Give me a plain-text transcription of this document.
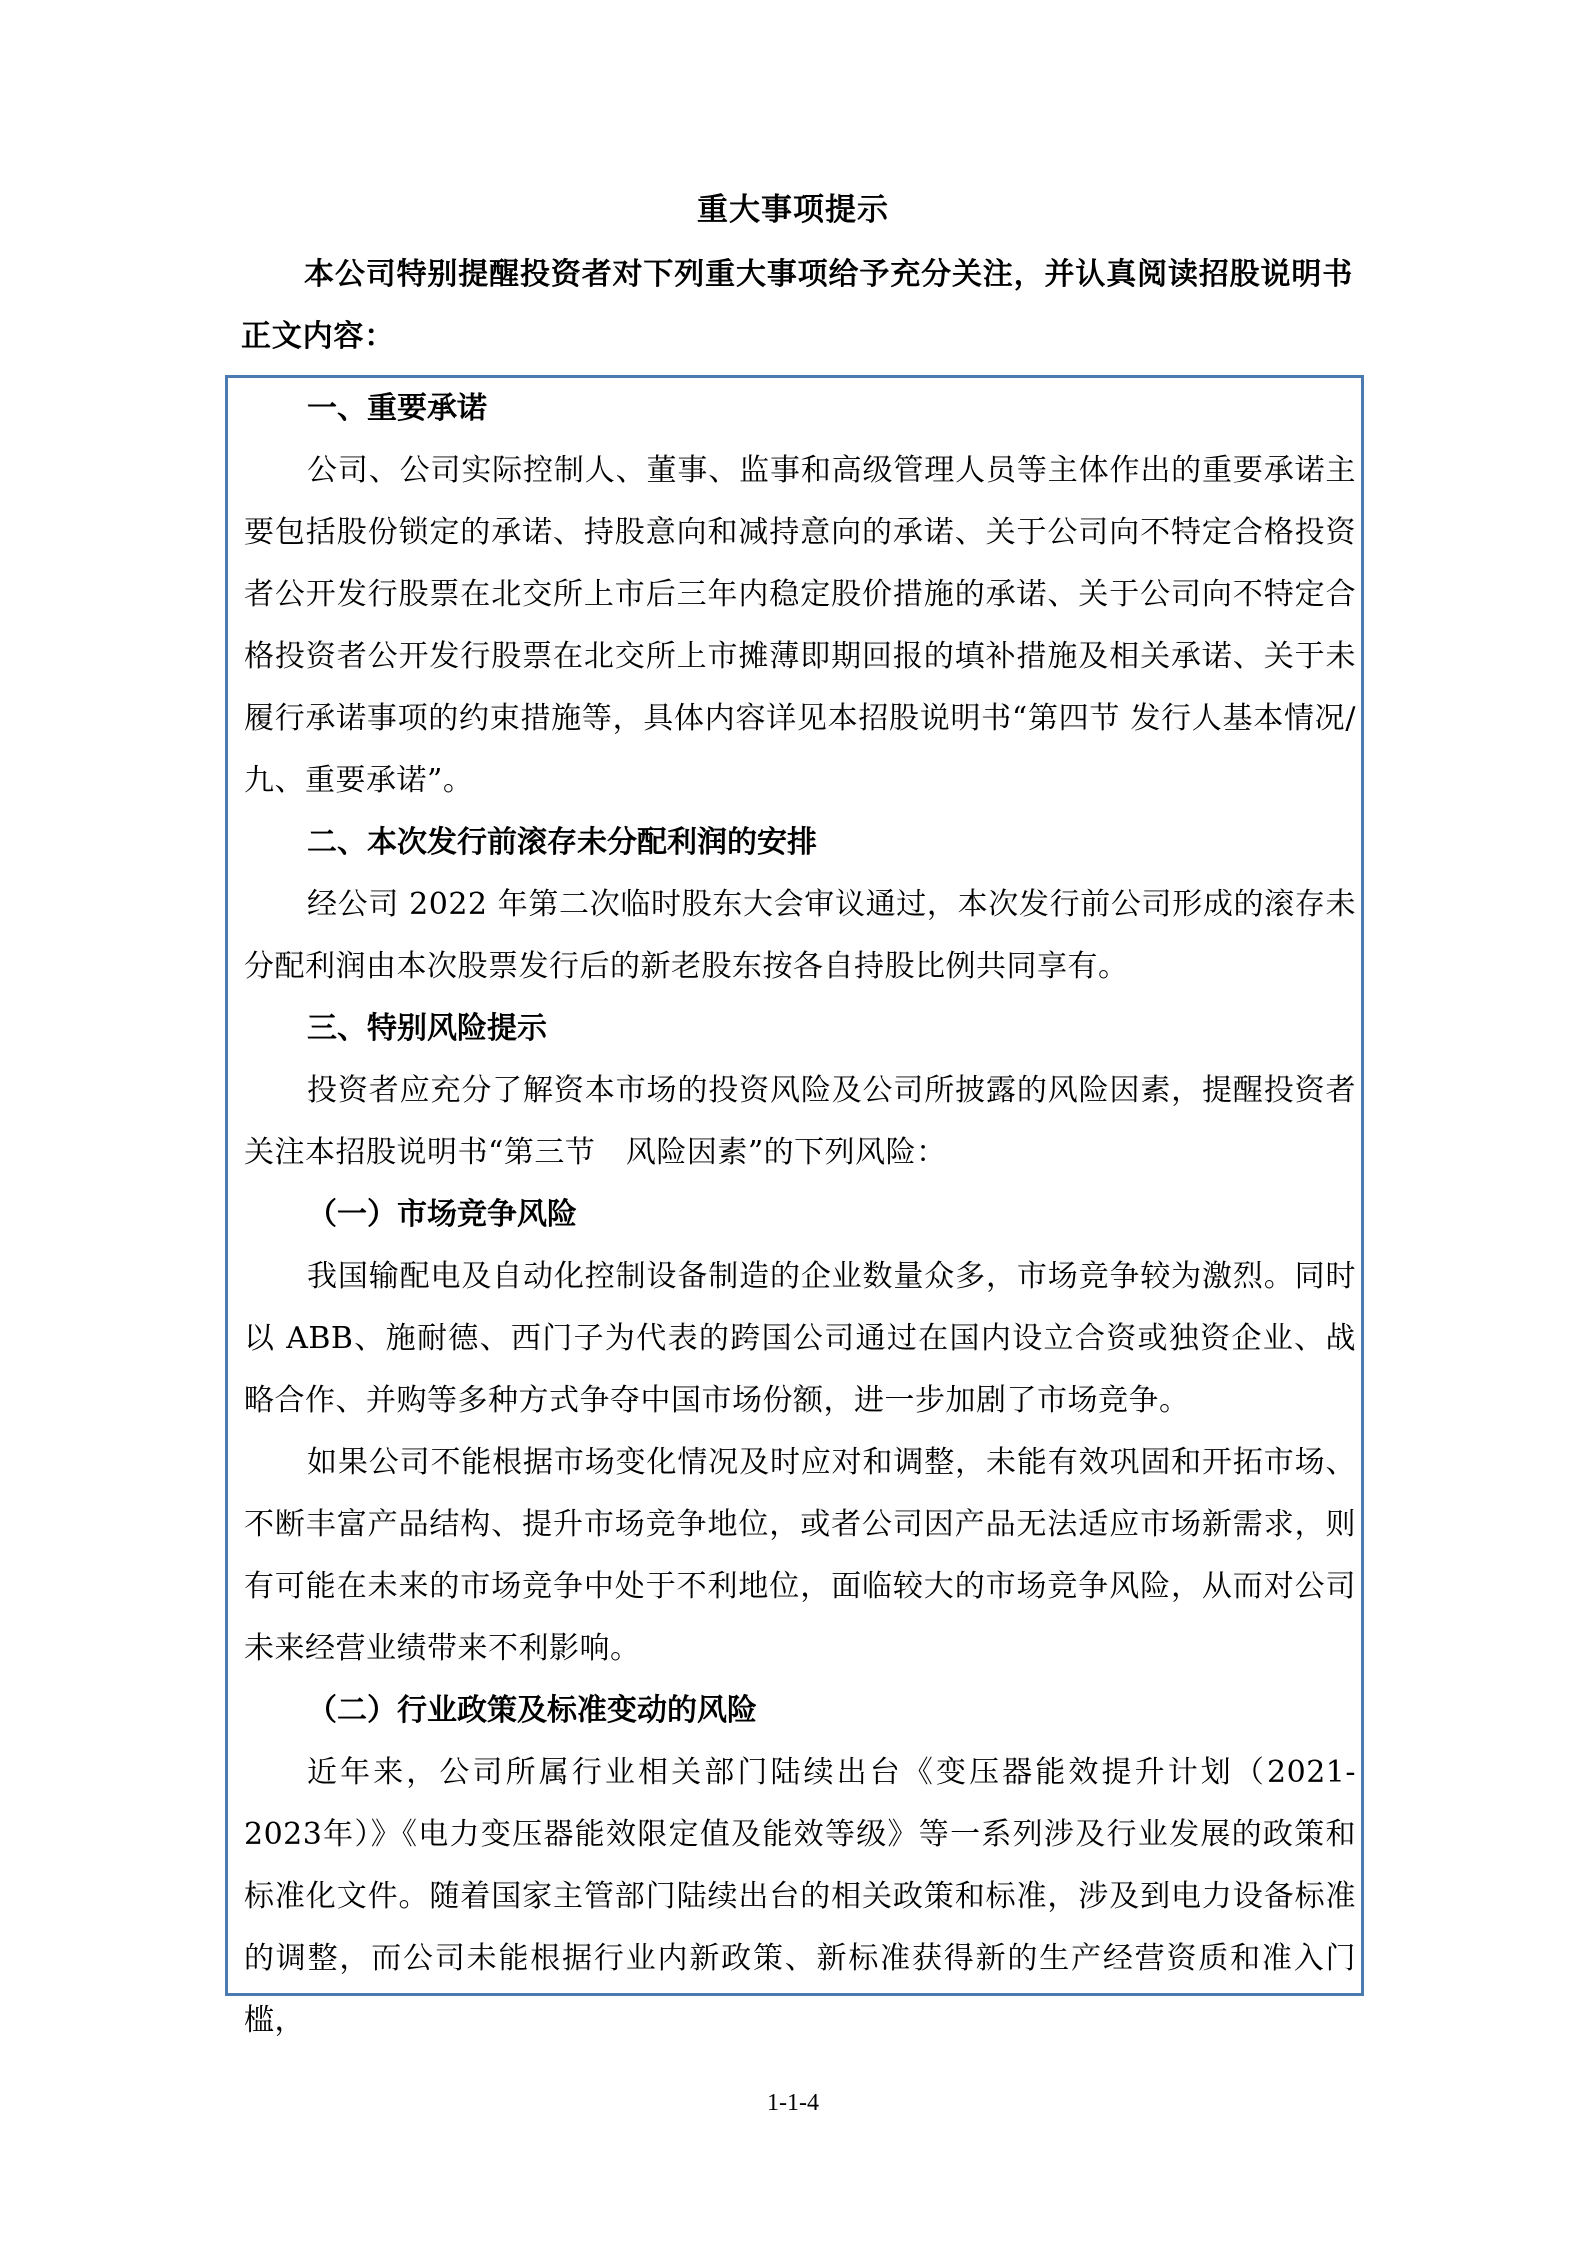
重大事项提示
本公司特别提醒投资者对下列重大事项给予充分关注，并认真阅读招股说明书正文内容：

一、重要承诺

公司、公司实际控制人、董事、监事和高级管理人员等主体作出的重要承诺主要包括股份锁定的承诺、持股意向和减持意向的承诺、关于公司向不特定合格投资者公开发行股票在北交所上市后三年内稳定股价措施的承诺、关于公司向不特定合格投资者公开发行股票在北交所上市摊薄即期回报的填补措施及相关承诺、关于未履行承诺事项的约束措施等，具体内容详见本招股说明书“第四节 发行人基本情况/九、重要承诺”。

二、本次发行前滚存未分配利润的安排

经公司 2022 年第二次临时股东大会审议通过，本次发行前公司形成的滚存未分配利润由本次股票发行后的新老股东按各自持股比例共同享有。

三、特别风险提示

投资者应充分了解资本市场的投资风险及公司所披露的风险因素，提醒投资者关注本招股说明书“第三节　风险因素”的下列风险：

（一）市场竞争风险

我国输配电及自动化控制设备制造的企业数量众多，市场竞争较为激烈。同时以 ABB、施耐德、西门子为代表的跨国公司通过在国内设立合资或独资企业、战略合作、并购等多种方式争夺中国市场份额，进一步加剧了市场竞争。

如果公司不能根据市场变化情况及时应对和调整，未能有效巩固和开拓市场、不断丰富产品结构、提升市场竞争地位，或者公司因产品无法适应市场新需求，则有可能在未来的市场竞争中处于不利地位，面临较大的市场竞争风险，从而对公司未来经营业绩带来不利影响。

（二）行业政策及标准变动的风险

近年来，公司所属行业相关部门陆续出台《变压器能效提升计划（2021-2023年）》《电力变压器能效限定值及能效等级》等一系列涉及行业发展的政策和标准化文件。随着国家主管部门陆续出台的相关政策和标准，涉及到电力设备标准的调整，而公司未能根据行业内新政策、新标准获得新的生产经营资质和准入门槛，

1-1-4
